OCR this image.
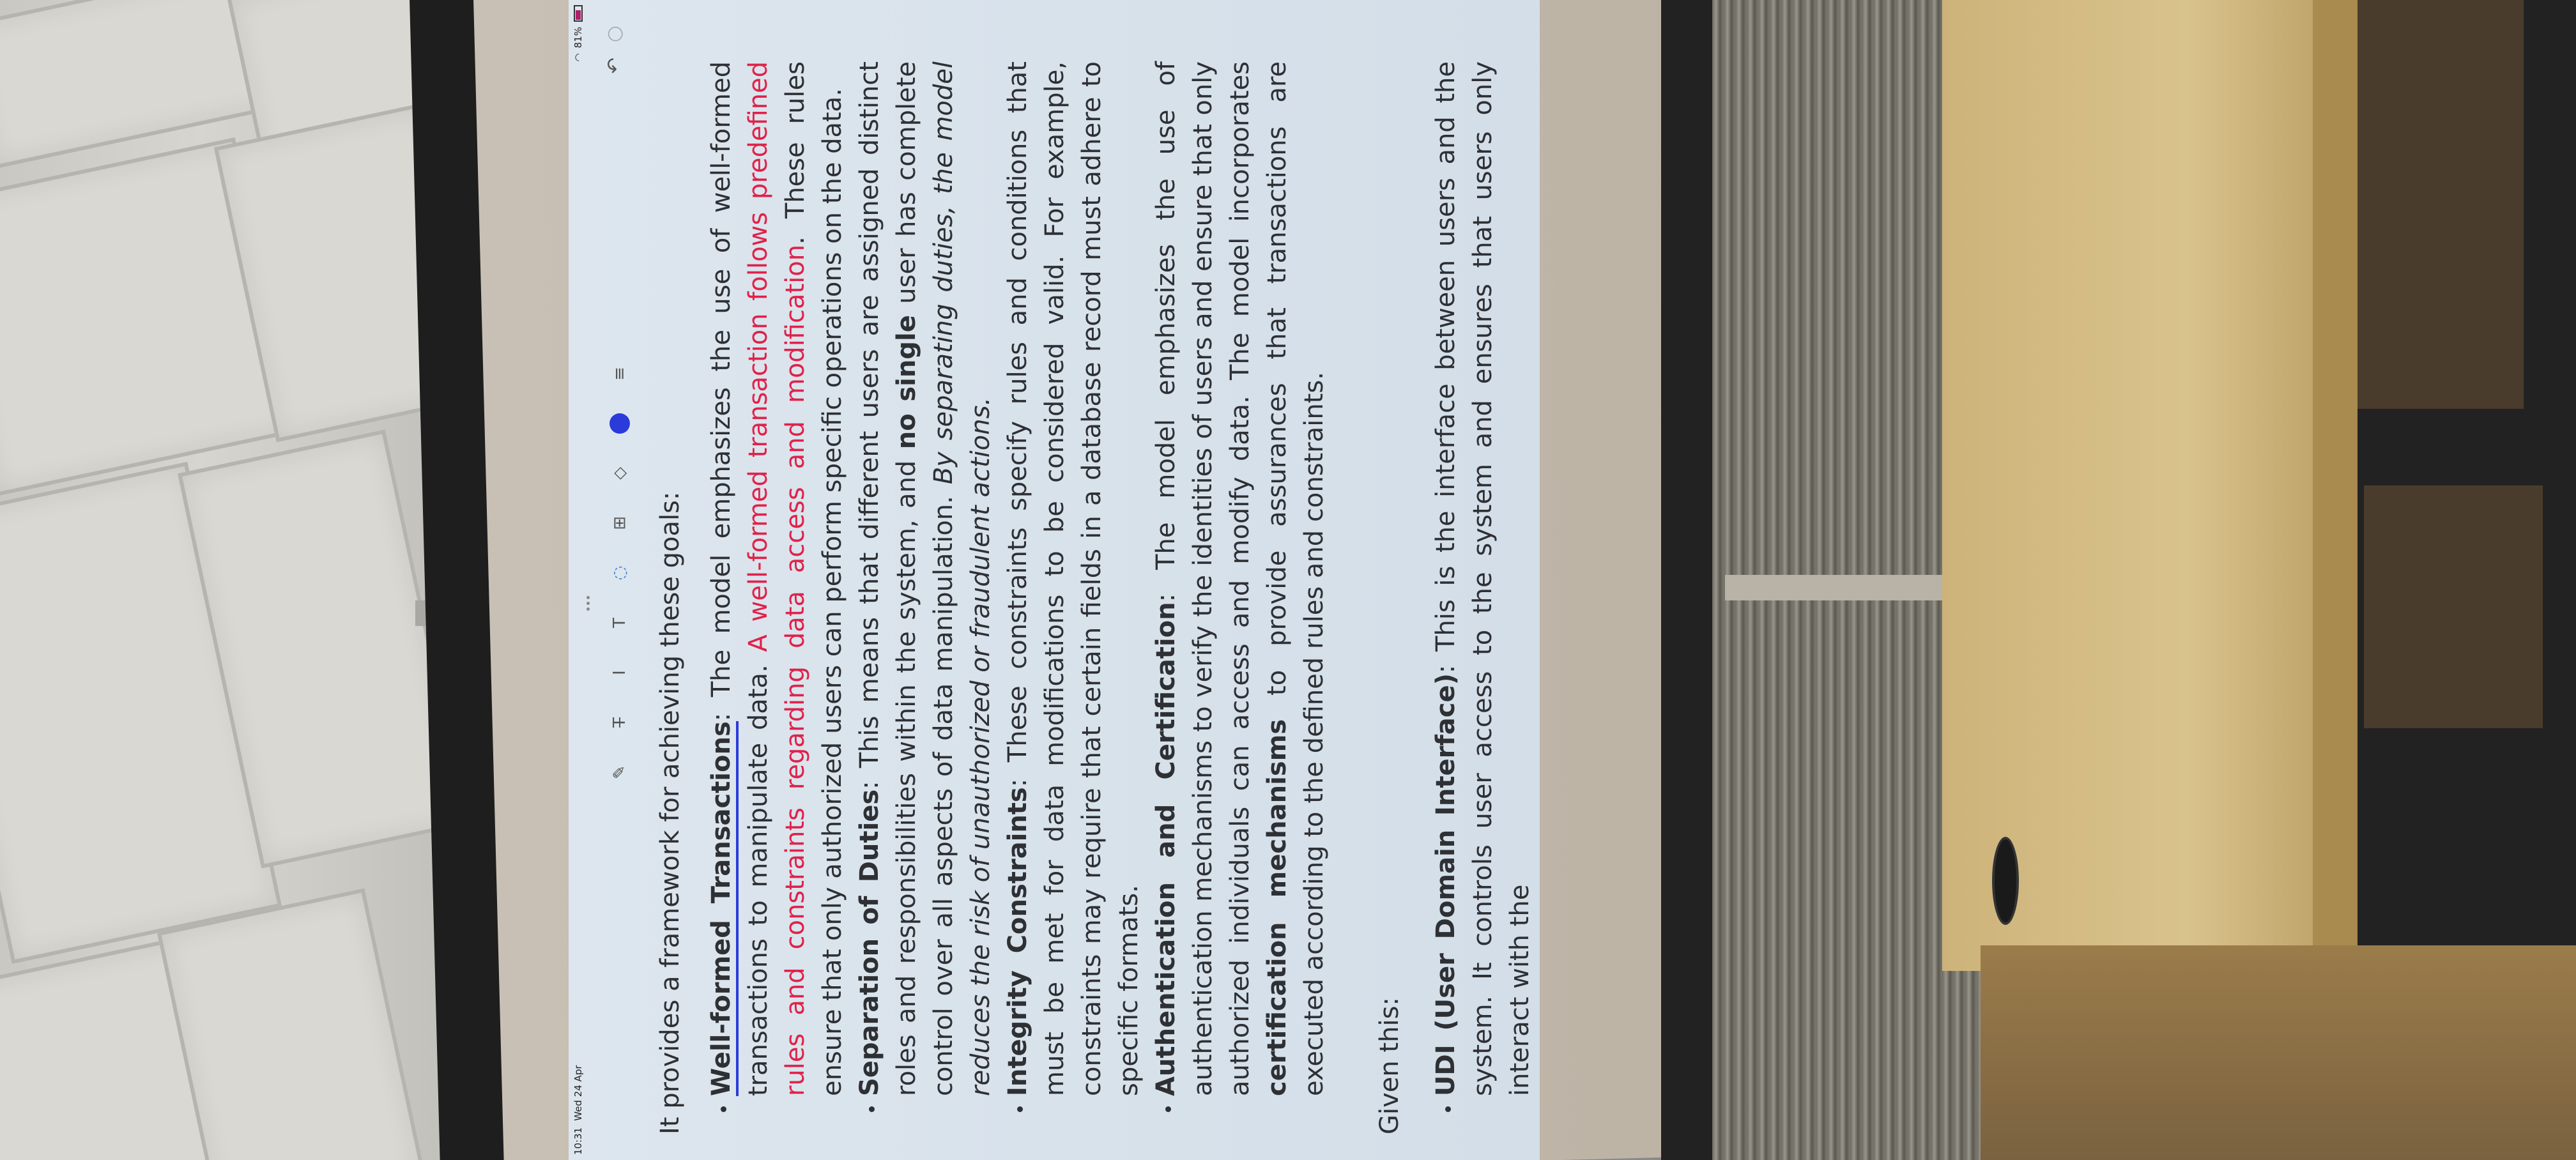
10:31
Wed 24 Apr
◠
81%
✎
T
I
T
◌
⊞
◇
≡
↶
○
It provides a framework for achieving these goals: • Well-formed Transactions: The model emphasizes the use of well-formed transactions to manipulate data. A well-formed transaction follows predefined rules and constraints regarding data access and modification. These rules ensure that only authorized users can perform specific operations on the data. • Separation of Duties: This means that different users are assigned distinct roles and responsibilities within the system, and no single user has complete control over all aspects of data manipulation. By separating duties, the model reduces the risk of unauthorized or fraudulent actions. • Integrity Constraints: These constraints specify rules and conditions that must be met for data modifications to be considered valid. For example, constraints may require that certain fields in a database record must adhere to specific formats. • Authentication and Certification: The model emphasizes the use of authentication mechanisms to verify the identities of users and ensure that only authorized individuals can access and modify data. The model incorporates certification mechanisms to provide assurances that transactions are executed according to the defined rules and constraints. Given this: • UDI (User Domain Interface): This is the interface between users and the system. It controls user access to the system and ensures that users only interact with the
